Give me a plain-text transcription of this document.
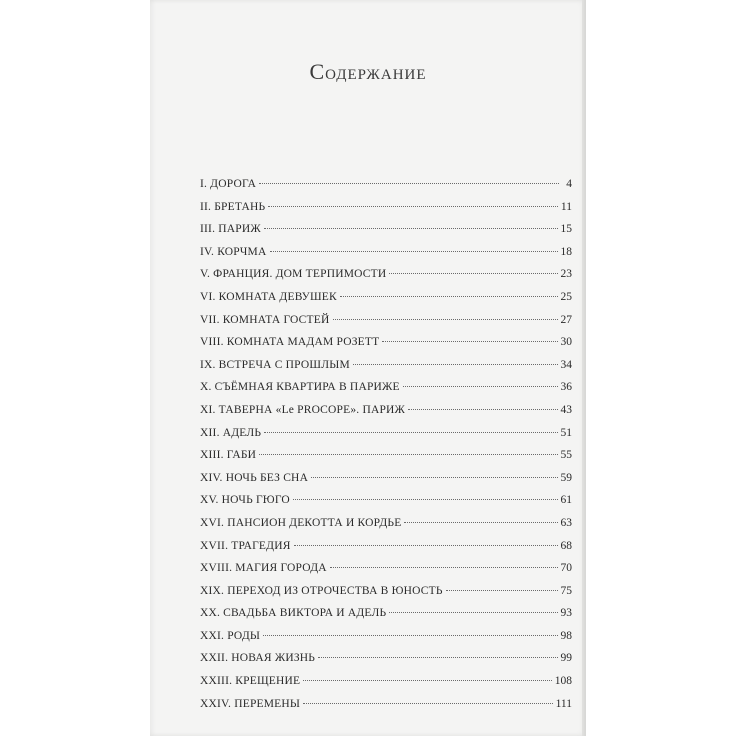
Содержание
I. ДОРОГА	4
II. БРЕТАНЬ	11
III. ПАРИЖ	15
IV. КОРЧМА	18
V. ФРАНЦИЯ. ДОМ ТЕРПИМОСТИ	23
VI. КОМНАТА ДЕВУШЕК	25
VII. КОМНАТА ГОСТЕЙ	27
VIII. КОМНАТА МАДАМ РОЗЕТТ	30
IX. ВСТРЕЧА С ПРОШЛЫМ	34
X. СЪЁМНАЯ КВАРТИРА В ПАРИЖЕ	36
XI. ТАВЕРНА «Le PROCOPE». ПАРИЖ	43
XII. АДЕЛЬ	51
XIII. ГАБИ	55
XIV. НОЧЬ БЕЗ СНА	59
XV. НОЧЬ ГЮГО	61
XVI. ПАНСИОН ДЕКОТТА И КОРДЬЕ	63
XVII. ТРАГЕДИЯ	68
XVIII. МАГИЯ ГОРОДА	70
XIX. ПЕРЕХОД ИЗ ОТРОЧЕСТВА В ЮНОСТЬ	75
XX. СВАДЬБА ВИКТОРА И АДЕЛЬ	93
XXI. РОДЫ	98
XXII. НОВАЯ ЖИЗНЬ	99
XXIII. КРЕЩЕНИЕ	108
XXIV. ПЕРЕМЕНЫ	111
